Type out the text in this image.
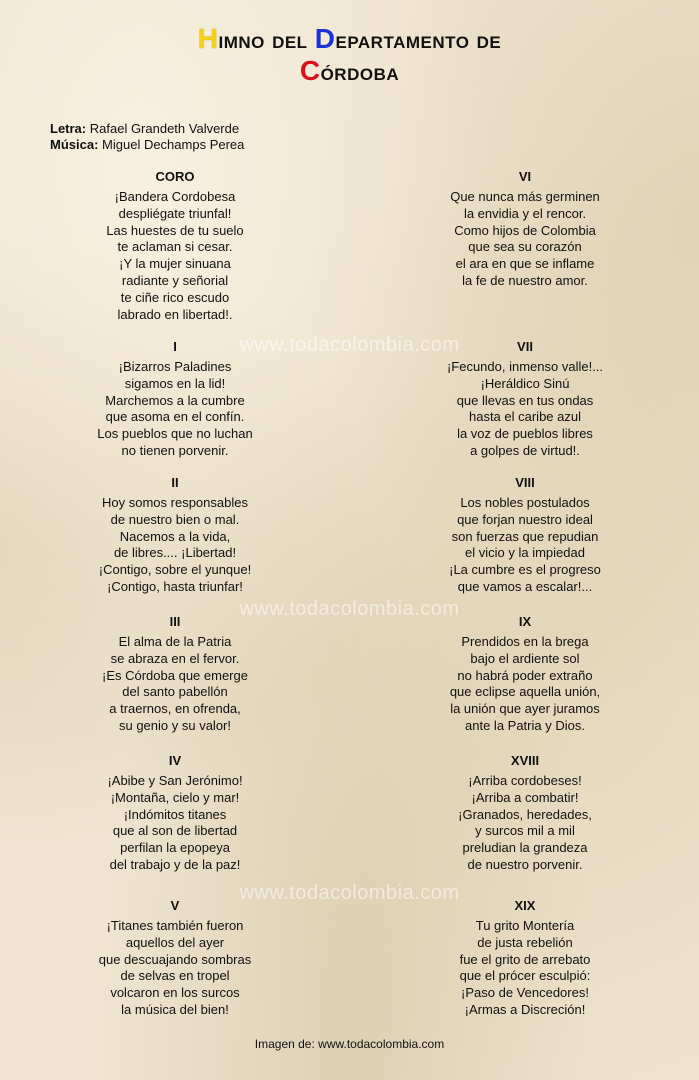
Himno del Departamento de
Córdoba
Letra: Rafael Grandeth Valverde
Música: Miguel Dechamps Perea
www.todacolombia.com
www.todacolombia.com
www.todacolombia.com
CORO
¡Bandera Cordobesa
despliégate triunfal!
Las huestes de tu suelo
te aclaman si cesar.
¡Y la mujer sinuana
radiante y señorial
te ciñe rico escudo
labrado en libertad!.
I
¡Bizarros Paladines
sigamos en la lid!
Marchemos a la cumbre
que asoma en el confín.
Los pueblos que no luchan
no tienen porvenir.
II
Hoy somos responsables
de nuestro bien o mal.
Nacemos a la vida,
de libres.... ¡Libertad!
¡Contigo, sobre el yunque!
¡Contigo, hasta triunfar!
III
El alma de la Patria
se abraza en el fervor.
¡Es Córdoba que emerge
del santo pabellón
a traernos, en ofrenda,
su genio y su valor!
IV
¡Abibe y San Jerónimo!
¡Montaña, cielo y mar!
¡Indómitos titanes
que al son de libertad
perfilan la epopeya
del trabajo y de la paz!
V
¡Titanes también fueron
aquellos del ayer
que descuajando sombras
de selvas en tropel
volcaron en los surcos
la música del bien!
VI
Que nunca más germinen
la envidia y el rencor.
Como hijos de Colombia
que sea su corazón
el ara en que se inflame
la fe de nuestro amor.
VII
¡Fecundo, inmenso valle!...
¡Heráldico Sinú
que llevas en tus ondas
hasta el caribe azul
la voz de pueblos libres
a golpes de virtud!.
VIII
Los nobles postulados
que forjan nuestro ideal
son fuerzas que repudian
el vicio y la impiedad
¡La cumbre es el progreso
que vamos a escalar!...
IX
Prendidos en la brega
bajo el ardiente sol
no habrá poder extraño
que eclipse aquella unión,
la unión que ayer juramos
ante la Patria y Dios.
XVIII
¡Arriba cordobeses!
¡Arriba a combatir!
¡Granados, heredades,
y surcos mil a mil
preludian la grandeza
de nuestro porvenir.
XIX
Tu grito Montería
de justa rebelión
fue el grito de arrebato
que el prócer esculpió:
¡Paso de Vencedores!
¡Armas a Discreción!
Imagen de: www.todacolombia.com
